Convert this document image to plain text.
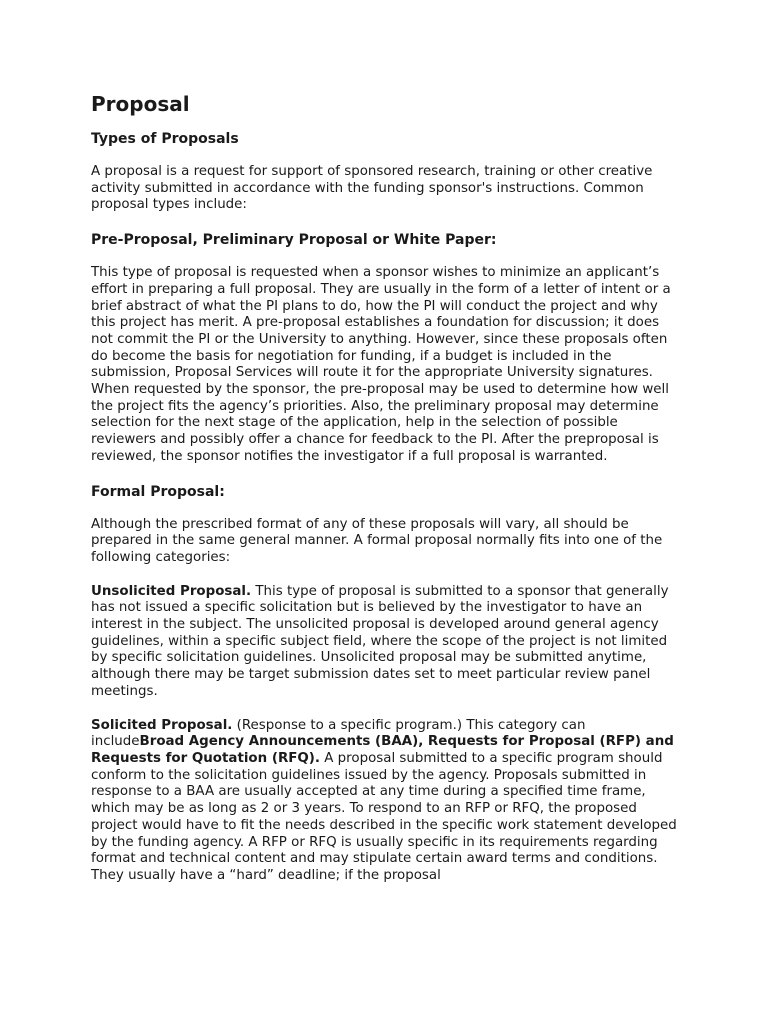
Proposal
Types of Proposals
A proposal is a request for support of sponsored research, training or other creative activity submitted in accordance with the funding sponsor's instructions. Common proposal types include:
Pre-Proposal, Preliminary Proposal or White Paper:
This type of proposal is requested when a sponsor wishes to minimize an applicant’s effort in preparing a full proposal. They are usually in the form of a letter of intent or a brief abstract of what the PI plans to do, how the PI will conduct the project and why this project has merit. A pre-proposal establishes a foundation for discussion; it does not commit the PI or the University to anything. However, since these proposals often do become the basis for negotiation for funding, if a budget is included in the submission, Proposal Services will route it for the appropriate University signatures. When requested by the sponsor, the pre-proposal may be used to determine how well the project fits the agency’s priorities. Also, the preliminary proposal may determine selection for the next stage of the application, help in the selection of possible reviewers and possibly offer a chance for feedback to the PI. After the preproposal is reviewed, the sponsor notifies the investigator if a full proposal is warranted.
Formal Proposal:
Although the prescribed format of any of these proposals will vary, all should be prepared in the same general manner. A formal proposal normally fits into one of the following categories:
Unsolicited Proposal. This type of proposal is submitted to a sponsor that generally has not issued a specific solicitation but is believed by the investigator to have an interest in the subject. The unsolicited proposal is developed around general agency guidelines, within a specific subject field, where the scope of the project is not limited by specific solicitation guidelines. Unsolicited proposal may be submitted anytime, although there may be target submission dates set to meet particular review panel meetings.
Solicited Proposal. (Response to a specific program.) This category can includeBroad Agency Announcements (BAA), Requests for Proposal (RFP) and Requests for Quotation (RFQ). A proposal submitted to a specific program should conform to the solicitation guidelines issued by the agency. Proposals submitted in response to a BAA are usually accepted at any time during a specified time frame, which may be as long as 2 or 3 years. To respond to an RFP or RFQ, the proposed project would have to fit the needs described in the specific work statement developed by the funding agency. A RFP or RFQ is usually specific in its requirements regarding format and technical content and may stipulate certain award terms and conditions. They usually have a “hard” deadline; if the proposal
